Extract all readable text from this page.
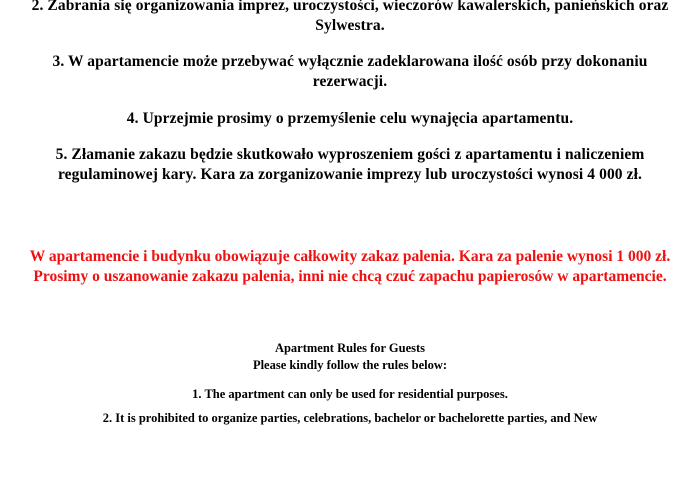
2. Zabrania się organizowania imprez, uroczystości, wieczorów kawalerskich, panieńskich oraz Sylwestra.

3. W apartamencie może przebywać wyłącznie zadeklarowana ilość osób przy dokonaniu rezerwacji.

4. Uprzejmie prosimy o przemyślenie celu wynajęcia apartamentu.

5. Złamanie zakazu będzie skutkowało wyproszeniem gości z apartamentu i naliczeniem regulaminowej kary. Kara za zorganizowanie imprezy lub uroczystości wynosi 4 000 zł.

W apartamencie i budynku obowiązuje całkowity zakaz palenia. Kara za palenie wynosi 1 000 zł. Prosimy o uszanowanie zakazu palenia, inni nie chcą czuć zapachu papierosów w apartamencie.

Apartment Rules for Guests

Please kindly follow the rules below:

1. The apartment can only be used for residential purposes.

2. It is prohibited to organize parties, celebrations, bachelor or bachelorette parties, and New
